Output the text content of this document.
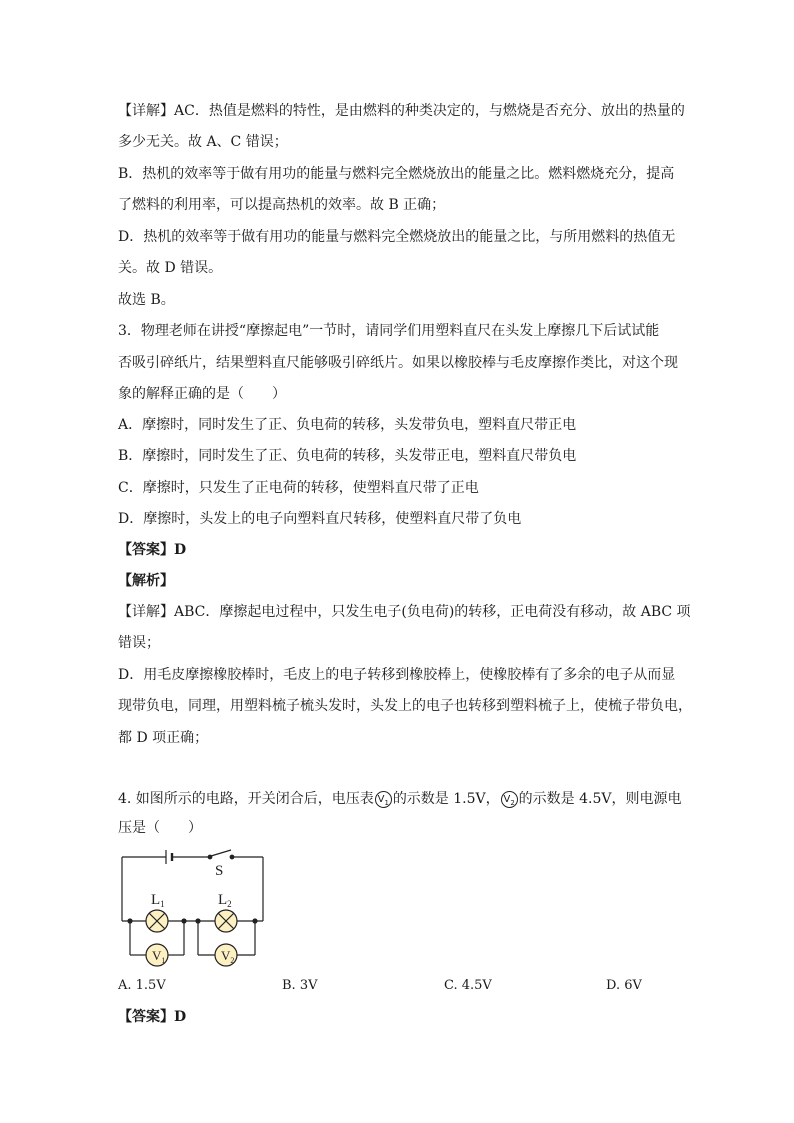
【详解】AC．热值是燃料的特性，是由燃料的种类决定的，与燃烧是否充分、放出的热量的
多少无关。故 A、C 错误；
B．热机的效率等于做有用功的能量与燃料完全燃烧放出的能量之比。燃料燃烧充分，提高
了燃料的利用率，可以提高热机的效率。故 B 正确；
D．热机的效率等于做有用功的能量与燃料完全燃烧放出的能量之比，与所用燃料的热值无
关。故 D 错误。
故选 B。
3．物理老师在讲授“摩擦起电”一节时，请同学们用塑料直尺在头发上摩擦几下后试试能
否吸引碎纸片，结果塑料直尺能够吸引碎纸片。如果以橡胶棒与毛皮摩擦作类比，对这个现
象的解释正确的是（　　）
A．摩擦时，同时发生了正、负电荷的转移，头发带负电，塑料直尺带正电
B．摩擦时，同时发生了正、负电荷的转移，头发带正电，塑料直尺带负电
C．摩擦时，只发生了正电荷的转移，使塑料直尺带了正电
D．摩擦时，头发上的电子向塑料直尺转移，使塑料直尺带了负电
【答案】D
【解析】
【详解】ABC．摩擦起电过程中，只发生电子(负电荷)的转移，正电荷没有移动，故 ABC 项
错误；
D．用毛皮摩擦橡胶棒时，毛皮上的电子转移到橡胶棒上，使橡胶棒有了多余的电子从而显
现带负电，同理，用塑料梳子梳头发时，头发上的电子也转移到塑料梳子上，使梳子带负电，
都 D 项正确；
4. 如图所示的电路，开关闭合后，电压表 $V_1$ 的示数是 1.5V， $V_2$ 的示数是 4.5V，则电源电
压是（　　）
$V_1$	$V_2$
S
$L_1$	$L_2$
A. 1.5V	B. 3V	C. 4.5V	D. 6V
【答案】D
